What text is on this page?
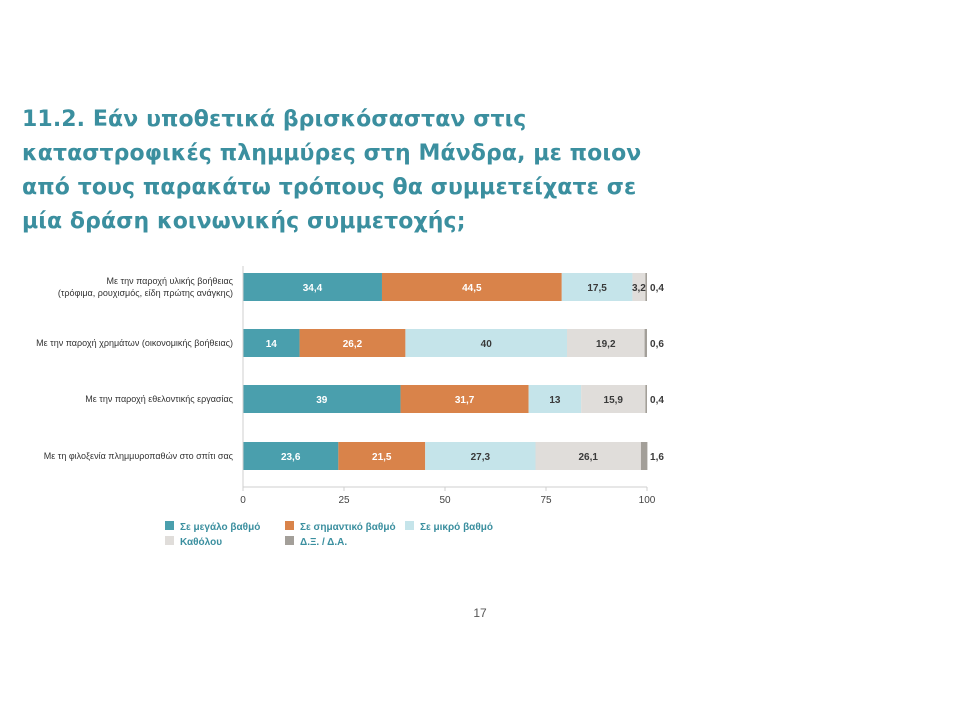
11.2. Εάν υποθετικά βρισκόσασταν στις καταστροφικές πλημμύρες στη Μάνδρα, με ποιον από τους παρακάτω τρόπους θα συμμετείχατε σε μία δράση κοινωνικής συμμετοχής;
34,4	44,5	17,5	3,2 0,4
14	26,2	40	19,2	0,6
39	31,7	13	15,9	0,4
23,6	21,5	27,3	26,1	1,6
Με την παροχή υλικής βοήθειας
(τρόφιμα, ρουχισμός, είδη πρώτης ανάγκης)
Με την παροχή χρημάτων (οικονομικής βοήθειας)
Με την παροχή εθελοντικής εργασίας
Με τη φιλοξενία πλημμυροπαθών στο σπίτι σας
0	25	50	75	100
Σε μεγάλο βαθμό	Σε σημαντικό βαθμό Σε μικρό βαθμό
Καθόλου	Δ.Ξ. / Δ.Α.
17
